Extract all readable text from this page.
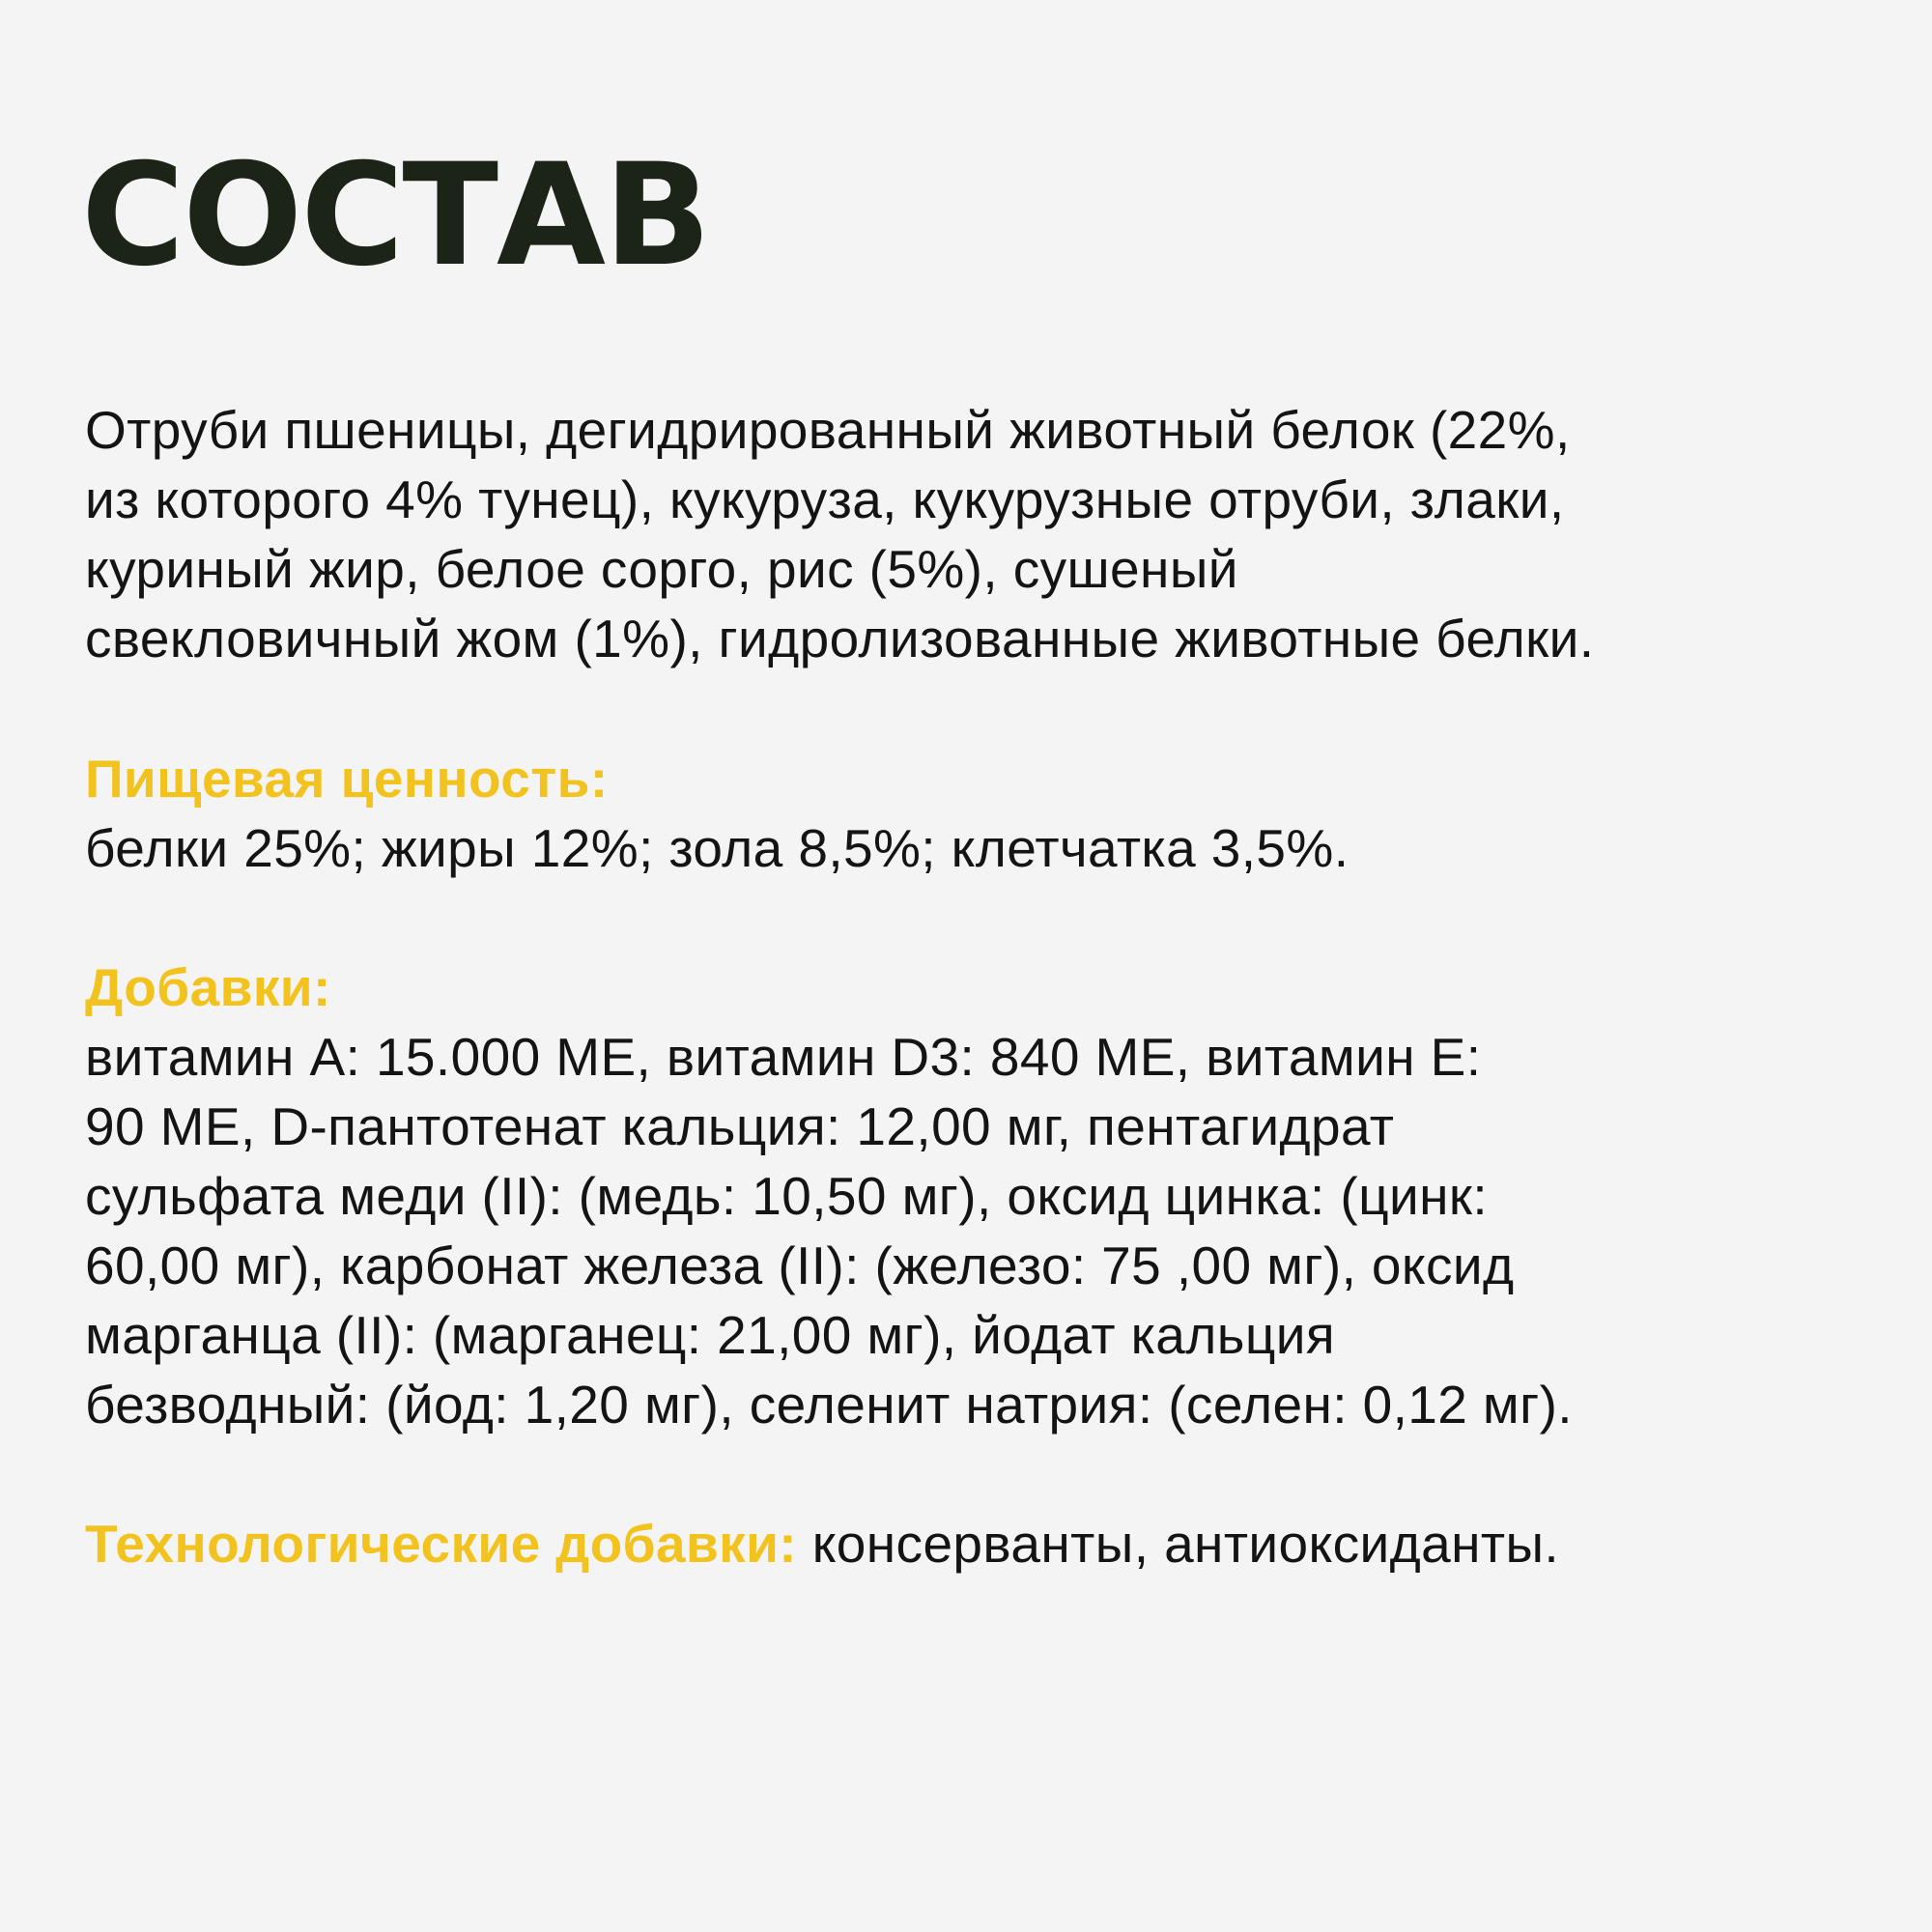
СОСТАВ

Отруби пшеницы, дегидрированный животный белок (22%,
из которого 4% тунец), кукуруза, кукурузные отруби, злаки,
куриный жир, белое сорго, рис (5%), сушеный
свекловичный жом (1%), гидролизованные животные белки.

Пищевая ценность:

белки 25%; жиры 12%; зола 8,5%; клетчатка 3,5%.

Добавки:

витамин А: 15.000 МЕ, витамин D3: 840 МЕ, витамин Е:
90 МЕ, D-пантотенат кальция: 12,00 мг, пентагидрат
сульфата меди (II): (медь: 10,50 мг), оксид цинка: (цинк:
60,00 мг), карбонат железа (II): (железо: 75 ,00 мг), оксид
марганца (II): (марганец: 21,00 мг), йодат кальция
безводный: (йод: 1,20 мг), селенит натрия: (селен: 0,12 мг).

Технологические добавки: консерванты, антиоксиданты.
